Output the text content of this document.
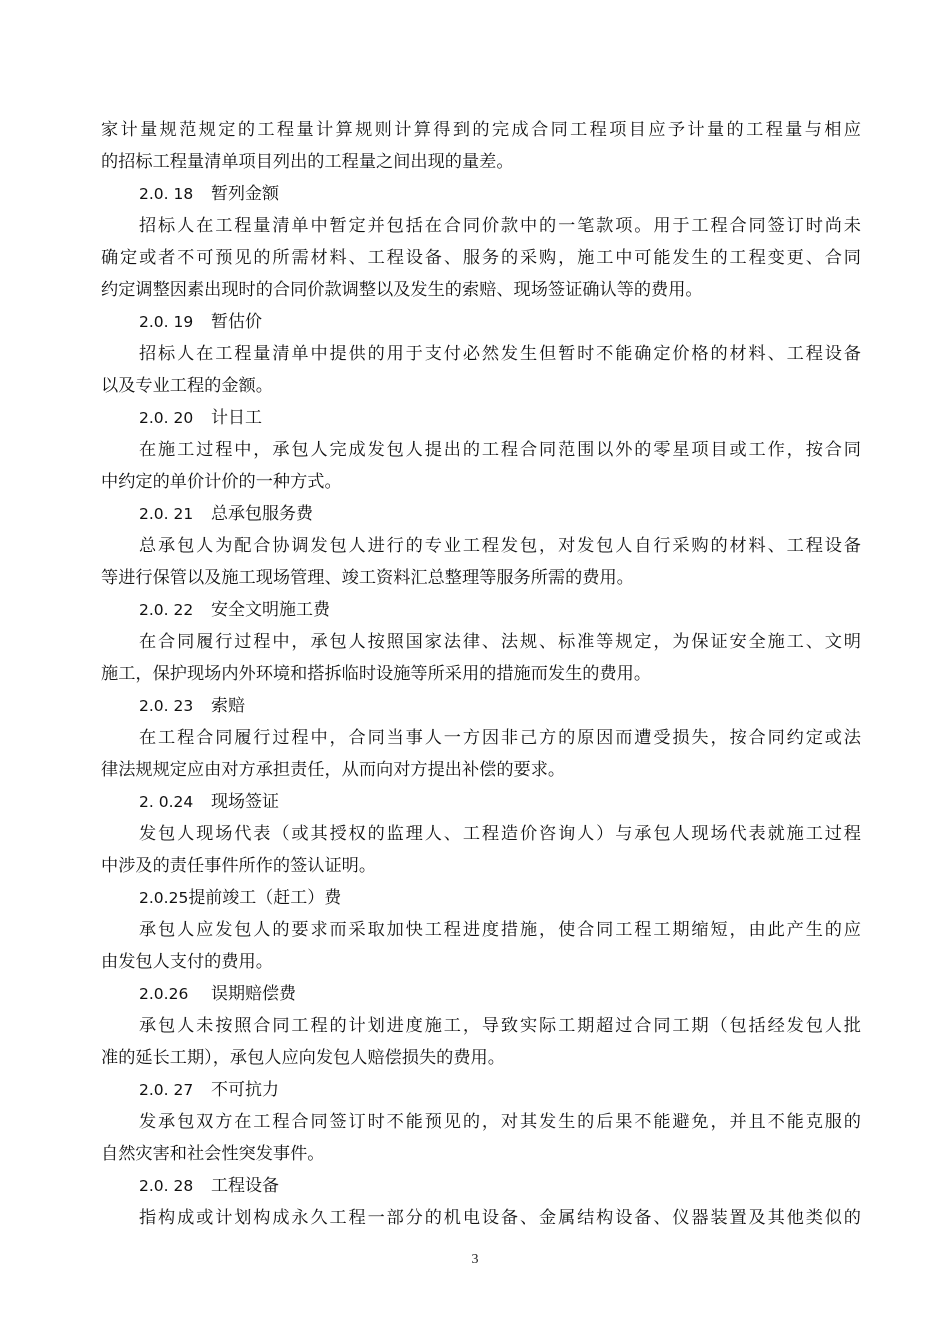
家计量规范规定的工程量计算规则计算得到的完成合同工程项目应予计量的工程量与相应
的招标工程量清单项目列出的工程量之间出现的量差。
2.0. 18 暂列金额
招标人在工程量清单中暂定并包括在合同价款中的一笔款项。用于工程合同签订时尚未
确定或者不可预见的所需材料、工程设备、服务的采购，施工中可能发生的工程变更、合同
约定调整因素出现时的合同价款调整以及发生的索赔、现场签证确认等的费用。
2.0. 19 暂估价
招标人在工程量清单中提供的用于支付必然发生但暂时不能确定价格的材料、工程设备
以及专业工程的金额。
2.0. 20 计日工
在施工过程中，承包人完成发包人提出的工程合同范围以外的零星项目或工作，按合同
中约定的单价计价的一种方式。
2.0. 21 总承包服务费
总承包人为配合协调发包人进行的专业工程发包，对发包人自行采购的材料、工程设备
等进行保管以及施工现场管理、竣工资料汇总整理等服务所需的费用。
2.0. 22 安全文明施工费
在合同履行过程中，承包人按照国家法律、法规、标准等规定，为保证安全施工、文明
施工，保护现场内外环境和搭拆临时设施等所采用的措施而发生的费用。
2.0. 23 索赔
在工程合同履行过程中，合同当事人一方因非己方的原因而遭受损失，按合同约定或法
律法规规定应由对方承担责任，从而向对方提出补偿的要求。
2. 0.24 现场签证
发包人现场代表（或其授权的监理人、工程造价咨询人）与承包人现场代表就施工过程
中涉及的责任事件所作的签认证明。
2.0.25提前竣工（赶工）费
承包人应发包人的要求而采取加快工程进度措施，使合同工程工期缩短，由此产生的应
由发包人支付的费用。
2.0.26 误期赔偿费
承包人未按照合同工程的计划进度施工，导致实际工期超过合同工期（包括经发包人批
准的延长工期），承包人应向发包人赔偿损失的费用。
2.0. 27 不可抗力
发承包双方在工程合同签订时不能预见的，对其发生的后果不能避免，并且不能克服的
自然灾害和社会性突发事件。
2.0. 28 工程设备
指构成或计划构成永久工程一部分的机电设备、金属结构设备、仪器装置及其他类似的
3
